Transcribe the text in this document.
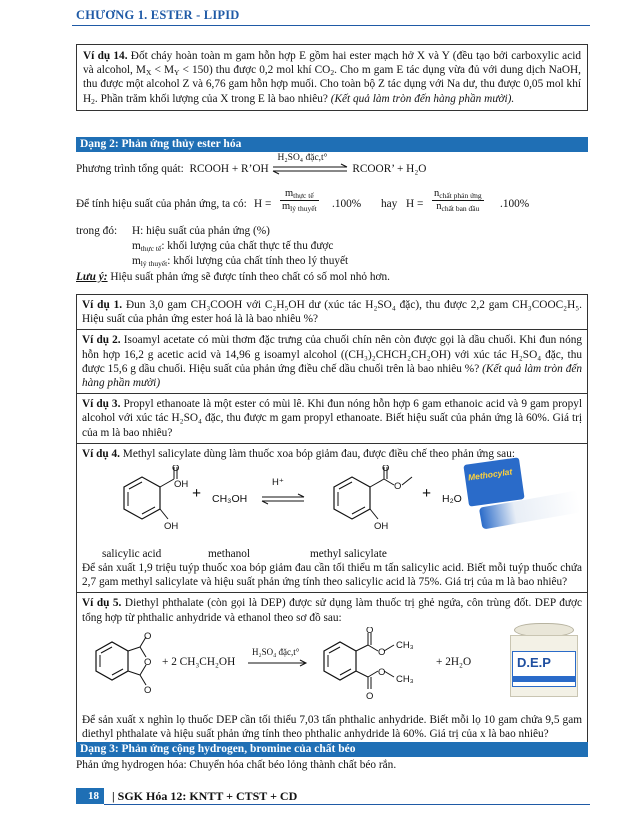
CHƯƠNG 1. ESTER - LIPID
Ví dụ 14. Đốt cháy hoàn toàn m gam hỗn hợp E gồm hai ester mạch hở X và Y (đều tạo bởi carboxylic acid và alcohol, $M_X < M_Y < 150$) thu được 0,2 mol khí $CO_2$. Cho m gam E tác dụng vừa đủ với dung dịch NaOH, thu được một alcohol Z và 6,76 gam hỗn hợp muối. Cho toàn bộ Z tác dụng với Na dư, thu được 0,05 mol khí $H_2$. Phần trăm khối lượng của X trong E là bao nhiêu? (Kết quả làm tròn đến hàng phần mười).
Dạng 2: Phản ứng thủy ester hóa
Phương trình tổng quát: RCOOH + R’OH
H₂SO₄ đặc,t°
RCOOR’ + H₂O
Để tính hiệu suất của phản ứng, ta có: H =
$m_{thực tế}$
$m_{lý thuyết}$ .100% hay H =
$n_{chất phản ứng}$
$n_{chất ban đầu}$	.100%
trong đó: H: hiệu suất của phản ứng (%)
$m_{thực tế}$: khối lượng của chất thực tế thu được
$m_{lý thuyết}$: khối lượng của chất tính theo lý thuyết
Lưu ý: Hiệu suất phản ứng sẽ được tính theo chất có số mol nhỏ hơn.
Ví dụ 1. Đun 3,0 gam CH₃COOH với C₂H₅OH dư (xúc tác H₂SO₄ đặc), thu được 2,2 gam CH₃COOC₂H₅. Hiệu suất của phản ứng ester hoá là là bao nhiêu %?
Ví dụ 2. Isoamyl acetate có mùi thơm đặc trưng của chuối chín nên còn được gọi là dầu chuối. Khi đun nóng hỗn hợp 16,2 g acetic acid và 14,96 g isoamyl alcohol ((CH₃)₂CHCH₂CH₂OH) với xúc tác H₂SO₄ đặc, thu được 15,6 g dầu chuối. Hiệu suất của phản ứng điều chế dầu chuối trên là bao nhiêu %? (Kết quả làm tròn đến hàng phần mười)
Ví dụ 3. Propyl ethanoate là một ester có mùi lê. Khi đun nóng hỗn hợp 6 gam ethanoic acid và 9 gam propyl alcohol với xúc tác H₂SO₄ đặc, thu được m gam propyl ethanoate. Biết hiệu suất của phản ứng là 60%. Giá trị của m là bao nhiêu?
Ví dụ 4. Methyl salicylate dùng làm thuốc xoa bóp giảm đau, được điều chế theo phản ứng sau:
OH
OH
O
+ CH₃OH
H⁺	O
OH
O
+ H₂O
Methocylat
salicylic acid	methanol	methyl salicylate
Để sản xuất 1,9 triệu tuýp thuốc xoa bóp giảm đau cần tối thiểu m tấn salicylic acid. Biết mỗi tuýp thuốc chứa 2,7 gam methyl salicylate và hiệu suất phản ứng tính theo salicylic acid là 75%. Giá trị của m là bao nhiêu?
Ví dụ 5. Diethyl phthalate (còn gọi là DEP) được sử dụng làm thuốc trị ghẻ ngứa, côn trùng đốt. DEP được tổng hợp từ phthalic anhydride và ethanol theo sơ đồ sau:
O
O
O
+ 2 CH₃CH₂OH
H₂SO₄ đặc,t°	O
O
O
O
CH₃
CH₃
+ 2H₂O	D.E.P
Để sản xuất x nghìn lọ thuốc DEP cần tối thiểu 7,03 tấn phthalic anhydride. Biết mỗi lọ 10 gam chứa 9,5 gam diethyl phthalate và hiệu suất phản ứng tính theo phthalic anhydride là 60%. Giá trị của x là bao nhiêu?
Dạng 3: Phản ứng cộng hydrogen, bromine của chất béo
Phản ứng hydrogen hóa: Chuyển hóa chất béo lỏng thành chất béo rắn.
18 | SGK Hóa 12: KNTT + CTST + CD
